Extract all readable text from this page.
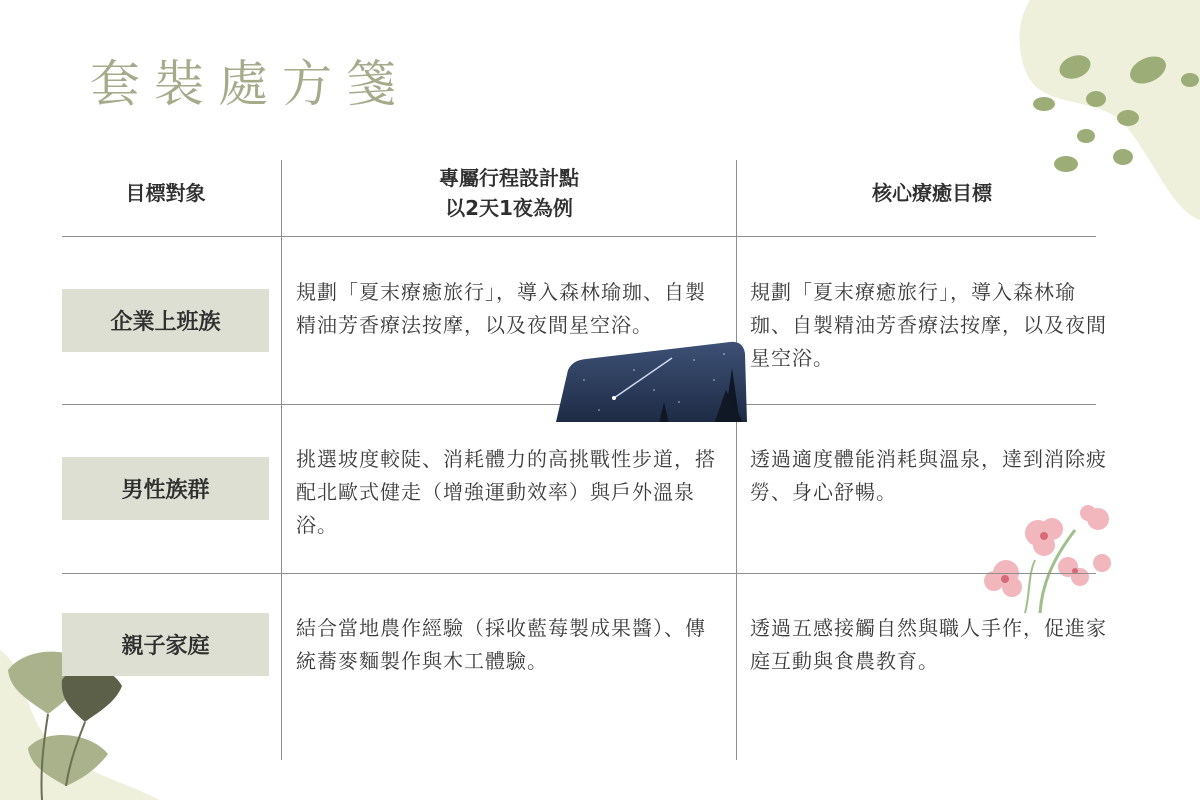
套裝處方箋
目標對象
專屬行程設計點
以2天1夜為例
核心療癒目標
企業上班族
規劃「夏末療癒旅行」，導入森林瑜珈、自製精油芳香療法按摩，以及夜間星空浴。
規劃「夏末療癒旅行」，導入森林瑜珈、自製精油芳香療法按摩，以及夜間星空浴。
男性族群
挑選坡度較陡、消耗體力的高挑戰性步道，搭配北歐式健走（增強運動效率）與戶外溫泉浴。
透過適度體能消耗與溫泉，達到消除疲勞、身心舒暢。
親子家庭
結合當地農作經驗（採收藍莓製成果醬）、傳統蕎麥麵製作與木工體驗。
透過五感接觸自然與職人手作，促進家庭互動與食農教育。
